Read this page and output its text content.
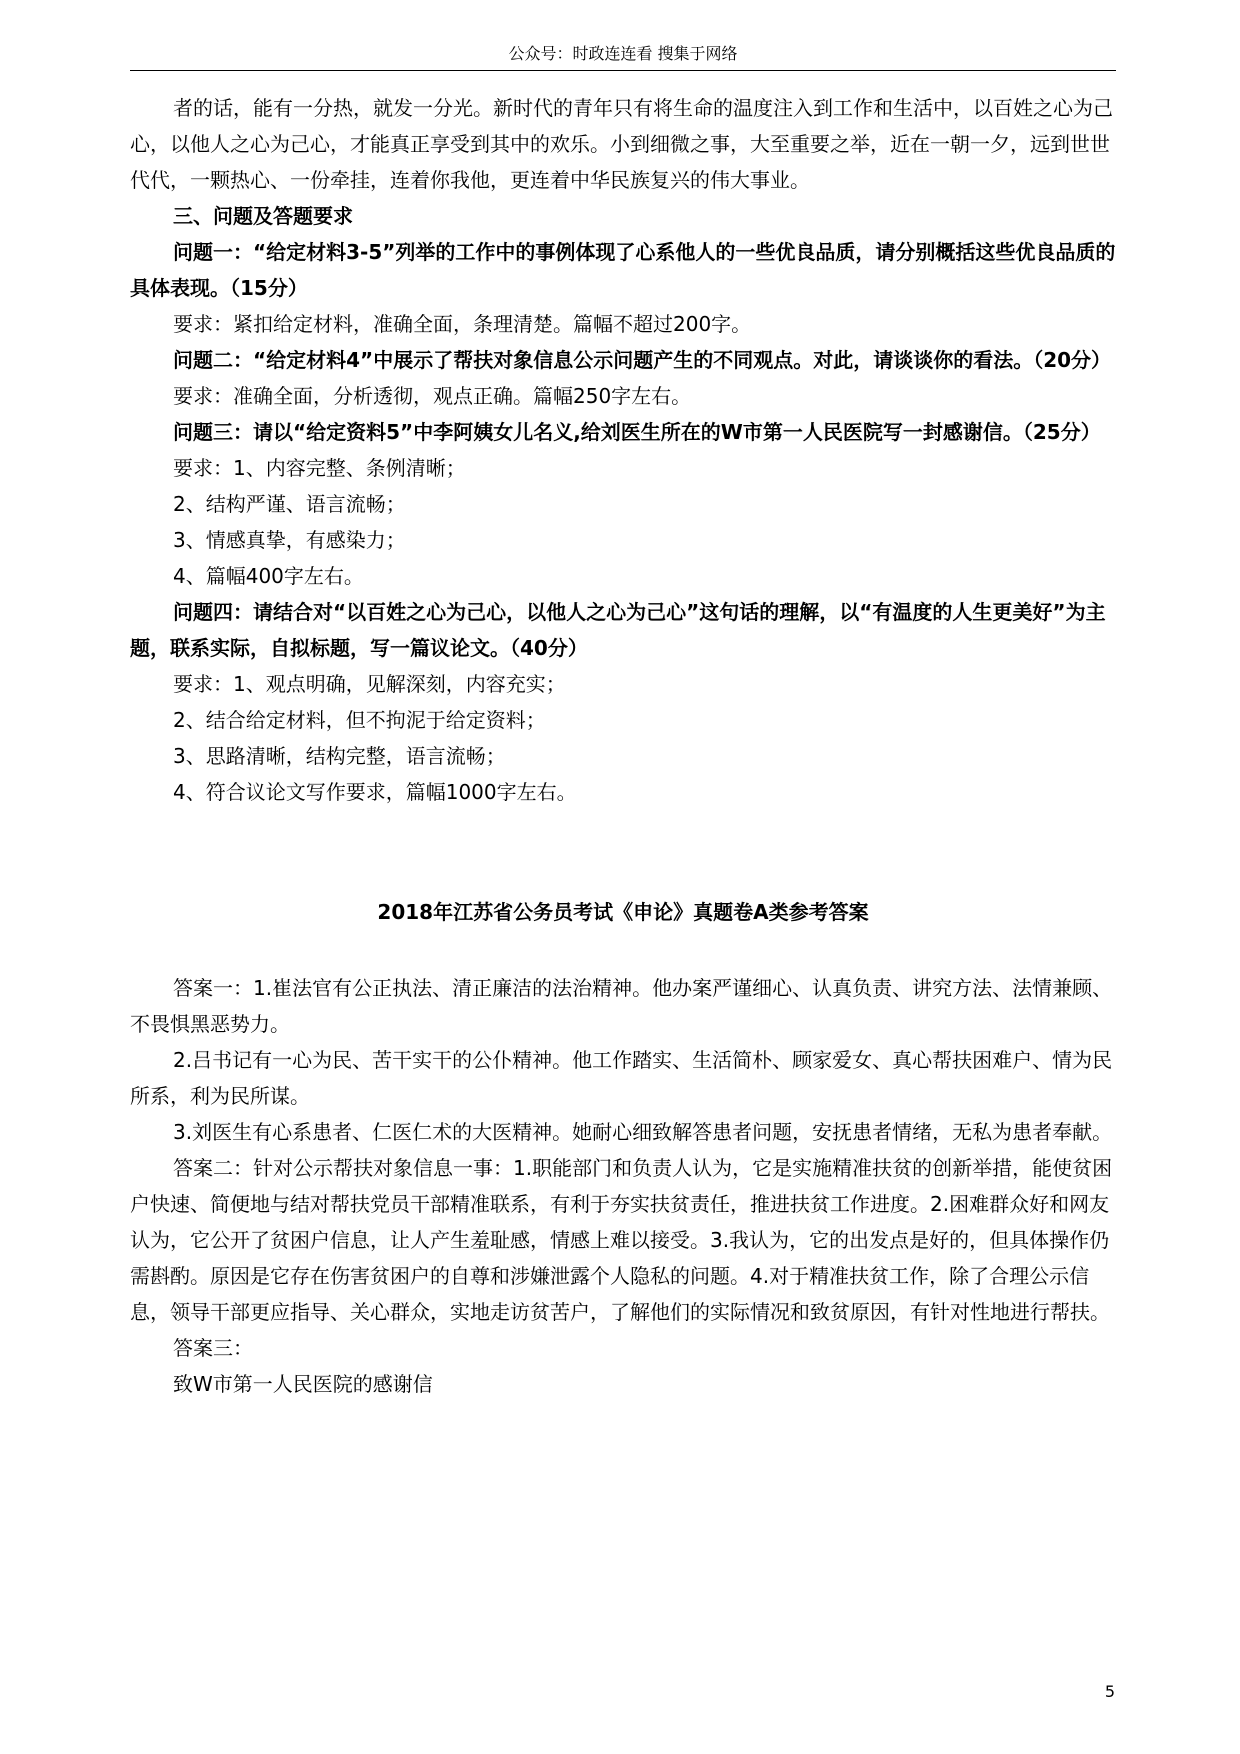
公众号：时政连连看 搜集于网络

者的话，能有一分热，就发一分光。新时代的青年只有将生命的温度注入到工作和生活中，以百姓之心为己心，以他人之心为己心，才能真正享受到其中的欢乐。小到细微之事，大至重要之举，近在一朝一夕，远到世世代代，一颗热心、一份牵挂，连着你我他，更连着中华民族复兴的伟大事业。

三、问题及答题要求

问题一：“给定材料3-5”列举的工作中的事例体现了心系他人的一些优良品质，请分别概括这些优良品质的具体表现。（15分）

要求：紧扣给定材料，准确全面，条理清楚。篇幅不超过200字。

问题二：“给定材料4”中展示了帮扶对象信息公示问题产生的不同观点。对此，请谈谈你的看法。（20分）

要求：准确全面，分析透彻，观点正确。篇幅250字左右。

问题三：请以“给定资料5”中李阿姨女儿名义,给刘医生所在的W市第一人民医院写一封感谢信。（25分）

要求：1、内容完整、条例清晰；

2、结构严谨、语言流畅；

3、情感真挚，有感染力；

4、篇幅400字左右。

问题四：请结合对“以百姓之心为己心，以他人之心为己心”这句话的理解，以“有温度的人生更美好”为主题，联系实际，自拟标题，写一篇议论文。（40分）

要求：1、观点明确，见解深刻，内容充实；

2、结合给定材料，但不拘泥于给定资料；

3、思路清晰，结构完整，语言流畅；

4、符合议论文写作要求，篇幅1000字左右。

2018年江苏省公务员考试《申论》真题卷A类参考答案

答案一：1.崔法官有公正执法、清正廉洁的法治精神。他办案严谨细心、认真负责、讲究方法、法情兼顾、不畏惧黑恶势力。

2.吕书记有一心为民、苦干实干的公仆精神。他工作踏实、生活简朴、顾家爱女、真心帮扶困难户、情为民所系，利为民所谋。

3.刘医生有心系患者、仁医仁术的大医精神。她耐心细致解答患者问题，安抚患者情绪，无私为患者奉献。

答案二：针对公示帮扶对象信息一事：1.职能部门和负责人认为，它是实施精准扶贫的创新举措，能使贫困户快速、简便地与结对帮扶党员干部精准联系，有利于夯实扶贫责任，推进扶贫工作进度。2.困难群众好和网友认为，它公开了贫困户信息，让人产生羞耻感，情感上难以接受。3.我认为，它的出发点是好的，但具体操作仍需斟酌。原因是它存在伤害贫困户的自尊和涉嫌泄露个人隐私的问题。4.对于精准扶贫工作，除了合理公示信息，领导干部更应指导、关心群众，实地走访贫苦户，了解他们的实际情况和致贫原因，有针对性地进行帮扶。

答案三：

致W市第一人民医院的感谢信

5
